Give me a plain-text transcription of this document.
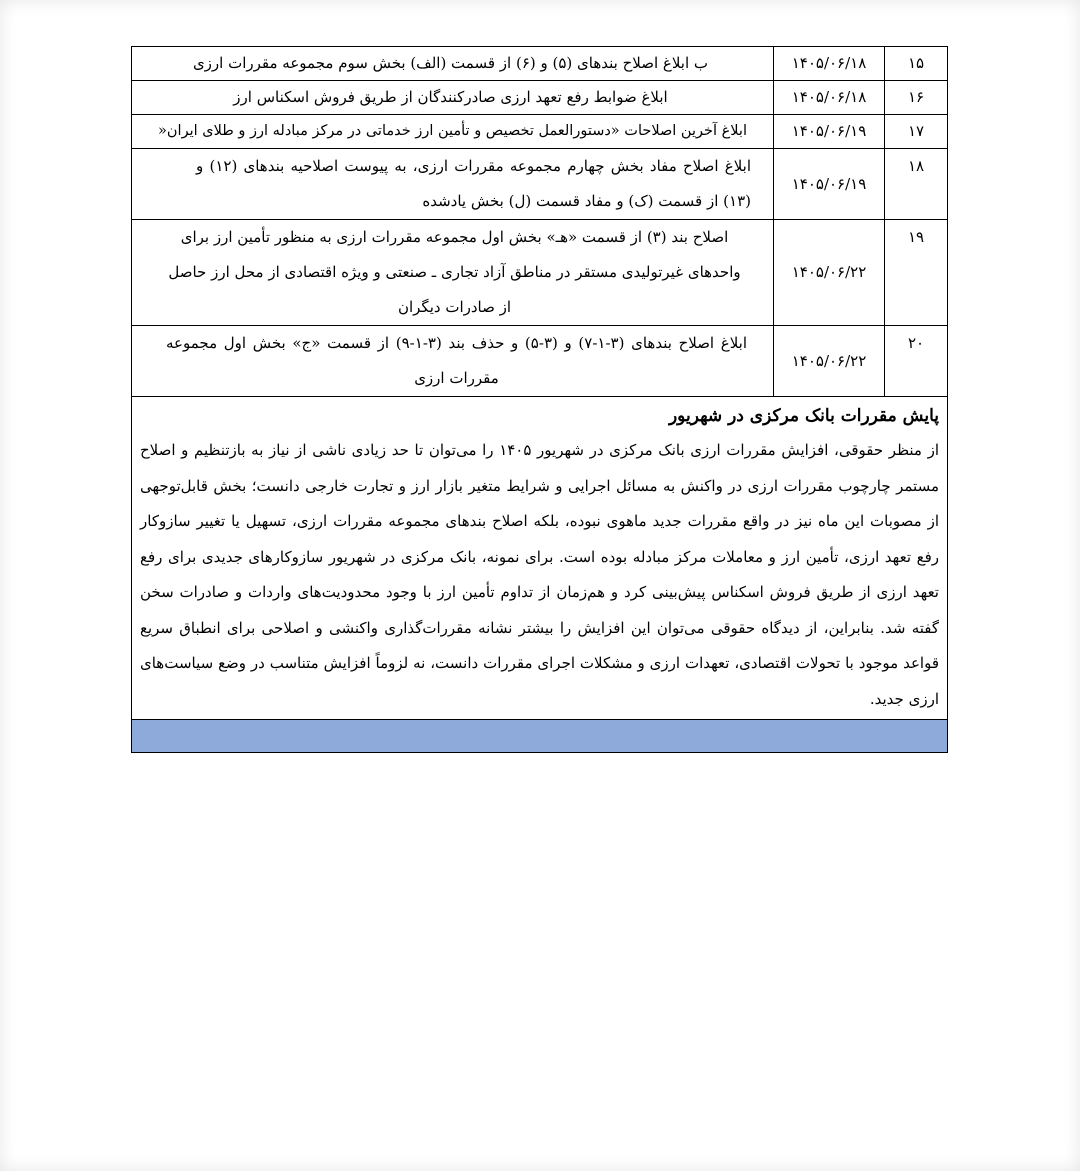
۱۵	۱۴۰۵/۰۶/۱۸	ب ابلاغ اصلاح بندهای (۵) و (۶) از قسمت (الف) بخش سوم مجموعه مقررات ارزی
۱۶	۱۴۰۵/۰۶/۱۸	ابلاغ ضوابط رفع تعهد ارزی صادرکنندگان از طریق فروش اسکناس ارز
۱۷	۱۴۰۵/۰۶/۱۹	ابلاغ آخرین اصلاحات «دستورالعمل تخصیص و تأمین ارز خدماتی در مرکز مبادله ارز و طلای ایران«
۱۸	۱۴۰۵/۰۶/۱۹	ابلاغ اصلاح مفاد بخش چهارم مجموعه مقررات ارزی، به پیوست اصلاحیه بندهای (۱۲) و (۱۳) از قسمت (ک) و مفاد قسمت (ل) بخش یادشده
۱۹	۱۴۰۵/۰۶/۲۲	اصلاح بند (۳) از قسمت «هـ» بخش اول مجموعه مقررات ارزی به منظور تأمین ارز برای واحدهای غیرتولیدی مستقر در مناطق آزاد تجاری ـ صنعتی و ویژه اقتصادی از محل ارز حاصل از صادرات دیگران
۲۰	۱۴۰۵/۰۶/۲۲	ابلاغ اصلاح بندهای (۳-۱-۷) و (۳-۵) و حذف بند (۳-۱-۹) از قسمت «ج» بخش اول مجموعه مقررات ارزی

پایش مقررات بانک مرکزی در شهریور
از منظر حقوقی، افزایش مقررات ارزی بانک مرکزی در شهریور ۱۴۰۵ را می‌توان تا حد زیادی ناشی از نیاز به بازتنظیم و اصلاح مستمر چارچوب مقررات ارزی در واکنش به مسائل اجرایی و شرایط متغیر بازار ارز و تجارت خارجی دانست؛ بخش قابل‌توجهی از مصوبات این ماه نیز در واقع مقررات جدید ماهوی نبوده، بلکه اصلاح بندهای مجموعه مقررات ارزی، تسهیل یا تغییر سازوکار رفع تعهد ارزی، تأمین ارز و معاملات مرکز مبادله بوده است. برای نمونه، بانک مرکزی در شهریور سازوکارهای جدیدی برای رفع تعهد ارزی از طریق فروش اسکناس پیش‌بینی کرد و هم‌زمان از تداوم تأمین ارز با وجود محدودیت‌های واردات و صادرات سخن گفته شد. بنابراین، از دیدگاه حقوقی می‌توان این افزایش را بیشتر نشانه مقررات‌گذاری واکنشی و اصلاحی برای انطباق سریع قواعد موجود با تحولات اقتصادی، تعهدات ارزی و مشکلات اجرای مقررات دانست، نه لزوماً افزایش متناسب در وضع سیاست‌های ارزی جدید.		
